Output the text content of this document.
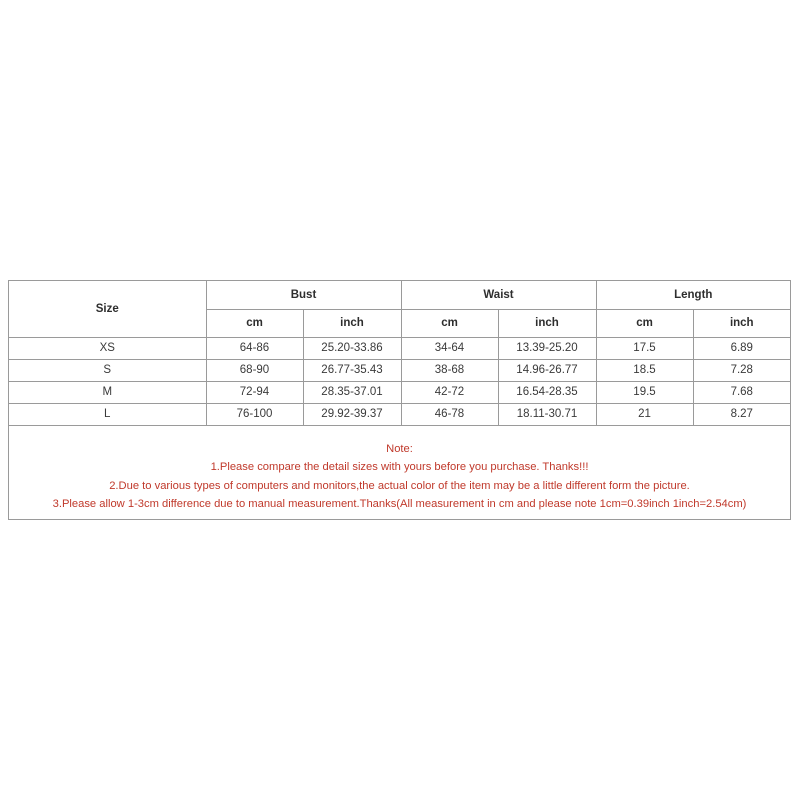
Size	Bust		Waist		Length	
	cm	inch	cm	inch	cm	inch
XS	64-86	25.20-33.86	34-64	13.39-25.20	17.5	6.89
S	68-90	26.77-35.43	38-68	14.96-26.77	18.5	7.28
M	72-94	28.35-37.01	42-72	16.54-28.35	19.5	7.68
L	76-100	29.92-39.37	46-78	18.11-30.71	21	8.27

Note:
1.Please compare the detail sizes with yours before you purchase. Thanks!!!
2.Due to various types of computers and monitors,the actual color of the item may be a little different form the picture.
3.Please allow 1-3cm difference due to manual measurement.Thanks(All measurement in cm and please note 1cm=0.39inch 1inch=2.54cm)						
